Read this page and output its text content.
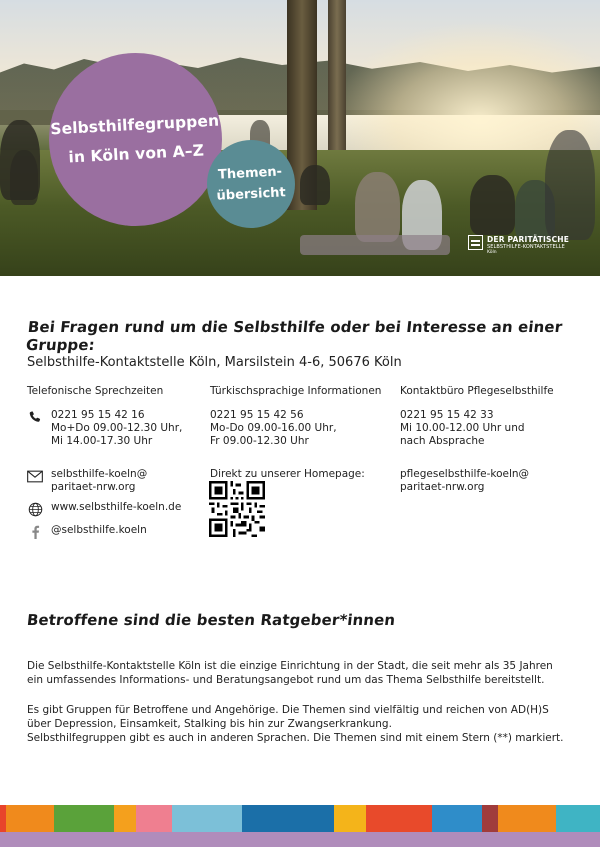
Selbsthilfegruppen
in Köln von A–Z
Themen-
übersicht
DER PARITÄTISCHE
SELBSTHILFE-KONTAKTSTELLE
Köln
Bei Fragen rund um die Selbsthilfe oder bei Interesse an einer Gruppe:
Selbsthilfe-Kontaktstelle Köln, Marsilstein 4-6, 50676 Köln
Telefonische Sprechzeiten
0221 95 15 42 16
Mo+Do 09.00-12.30 Uhr,
Mi 14.00-17.30 Uhr
selbsthilfe-koeln@
paritaet-nrw.org
www.selbsthilfe-koeln.de
@selbsthilfe.koeln
Türkischsprachige Informationen
0221 95 15 42 56
Mo-Do 09.00-16.00 Uhr,
Fr 09.00-12.30 Uhr
Direkt zu unserer Homepage:
Kontaktbüro Pflegeselbsthilfe
0221 95 15 42 33
Mi 10.00-12.00 Uhr und
nach Absprache
pflegeselbsthilfe-koeln@
paritaet-nrw.org
Betroffene sind die besten Ratgeber*innen
Die Selbsthilfe-Kontaktstelle Köln ist die einzige Einrichtung in der Stadt, die seit mehr als 35 Jahren
ein umfassendes Informations- und Beratungsangebot rund um das Thema Selbsthilfe bereitstellt.
Es gibt Gruppen für Betroffene und Angehörige. Die Themen sind vielfältig und reichen von AD(H)S
über Depression, Einsamkeit, Stalking bis hin zur Zwangserkrankung.
Selbsthilfegruppen gibt es auch in anderen Sprachen. Die Themen sind mit einem Stern (**) markiert.
